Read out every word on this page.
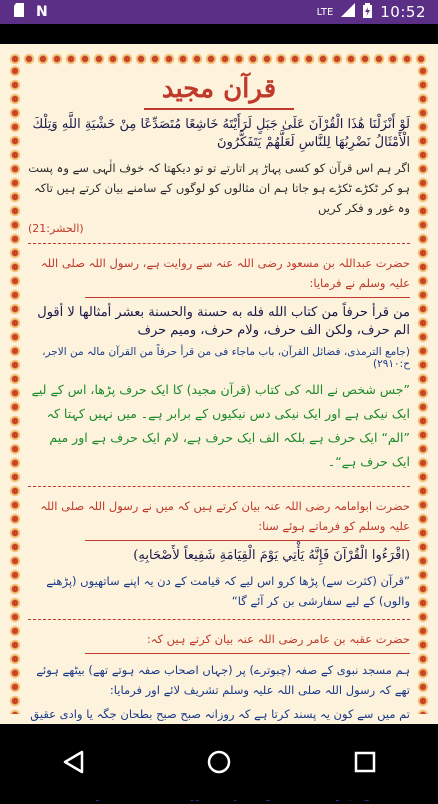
N	LTE	10:52
قرآن مجید

لَوْ أَنْزَلْنَا هَٰذَا الْقُرْآنَ عَلَىٰ جَبَلٍ لَرَأَيْتَهُ خَاشِعًا مُتَصَدِّعًا مِنْ خَشْيَةِ اللَّهِ وَتِلْكَ الْأَمْثَالُ نَضْرِبُهَا لِلنَّاسِ لَعَلَّهُمْ يَتَفَكَّرُونَ

اگر ہم اس قرآن کو کسی پہاڑ پر اتارتے تو تو دیکھتا کہ خوف الٰہی سے وہ پست ہو کر ٹکڑے ٹکڑے ہو جاتا ہم ان مثالوں کو لوگوں کے سامنے بیان کرتے ہیں تاکہ وہ غور و فکر کریں

(الحشر:21)

حضرت عبداللہ بن مسعود رضی اللہ عنہ سے روایت ہے، رسول اللہ صلی اللہ علیہ وسلم نے فرمایا:

من قرأ حرفاً من كتاب الله فله به حسنة والحسنة بعشر أمثالها لا أقول الم حرف، ولكن الف حرف، ولام حرف، وميم حرف

(جامع الترمذی، فضائل القرآن، باب ماجاء فی من قرأ حرفاً من القرآن مالہ من الاجر، ح:۲۹۱۰)

”جس شخص نے اللہ کی کتاب (قرآن مجید) کا ایک حرف پڑھا، اس کے لیے ایک نیکی ہے اور ایک نیکی دس نیکیوں کے برابر ہے۔ میں نہیں کہتا کہ ”الم“ ایک حرف ہے بلکہ الف ایک حرف ہے، لام ایک حرف ہے اور میم ایک حرف ہے“۔

حضرت ابوامامہ رضی اللہ عنہ بیان کرتے ہیں کہ میں نے رسول اللہ صلی اللہ علیہ وسلم کو فرماتے ہوئے سنا:

(اقْرَءُوا الْقُرْآنَ فَإِنَّهُ يَأْتِي يَوْمَ الْقِيَامَةِ شَفِيعاً لأَصْحَابِهِ)

”قرآن (کثرت سے) پڑھا کرو اس لیے کہ قیامت کے دن یہ اپنے ساتھیوں (پڑھنے والوں) کے لیے سفارشی بن کر آئے گا“

حضرت عقبہ بن عامر رضی اللہ عنہ بیان کرتے ہیں کہ:

ہم مسجد نبوی کے صفہ (چبوترے) پر (جہاں اصحاب صفہ ہوتے تھے) بیٹھے ہوئے تھے کہ رسول اللہ صلی اللہ علیہ وسلم تشریف لائے اور فرمایا:

تم میں سے کون یہ پسند کرتا ہے کہ روزانہ صبح صبح بطحان جگہ یا وادی عقیق
